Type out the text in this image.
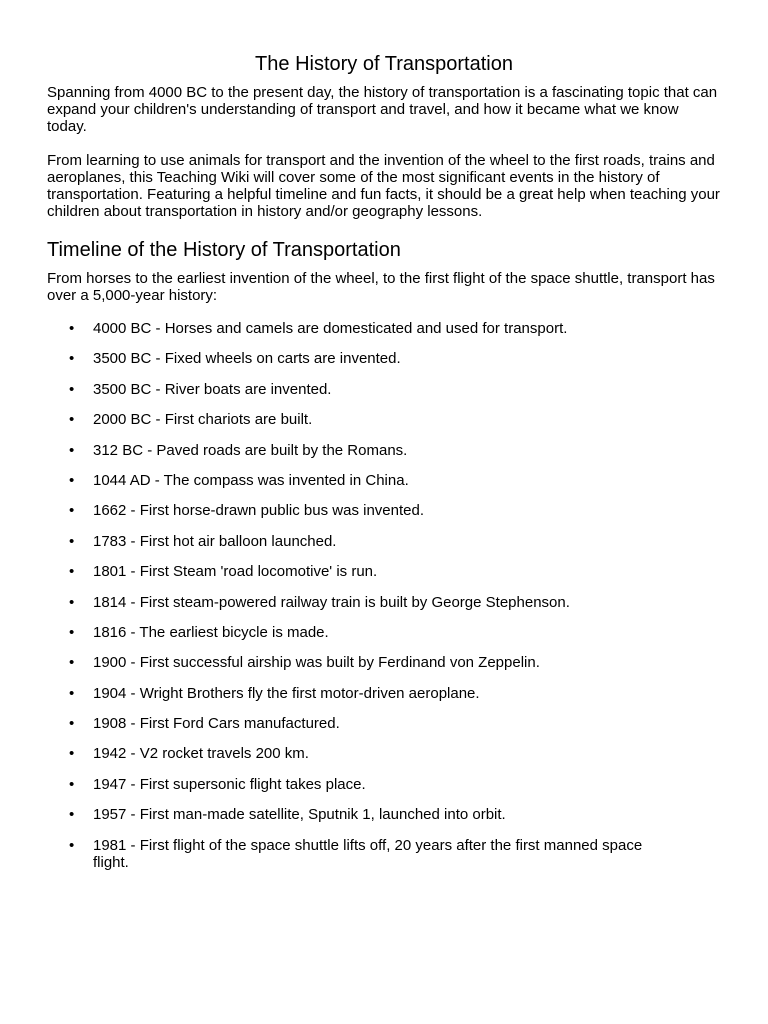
The History of Transportation

Spanning from 4000 BC to the present day, the history of transportation is a fascinating topic that can expand your children's understanding of transport and travel, and how it became what we know today.

From learning to use animals for transport and the invention of the wheel to the first roads, trains and aeroplanes, this Teaching Wiki will cover some of the most significant events in the history of transportation. Featuring a helpful timeline and fun facts, it should be a great help when teaching your children about transportation in history and/or geography lessons.

Timeline of the History of Transportation

From horses to the earliest invention of the wheel, to the first flight of the space shuttle, transport has over a 5,000-year history:

• 4000 BC - Horses and camels are domesticated and used for transport.
• 3500 BC - Fixed wheels on carts are invented.
• 3500 BC - River boats are invented.
• 2000 BC - First chariots are built.
• 312 BC - Paved roads are built by the Romans.
• 1044 AD - The compass was invented in China.
• 1662 - First horse-drawn public bus was invented.
• 1783 - First hot air balloon launched.
• 1801 - First Steam 'road locomotive' is run.
• 1814 - First steam-powered railway train is built by George Stephenson.
• 1816 - The earliest bicycle is made.
• 1900 - First successful airship was built by Ferdinand von Zeppelin.
• 1904 - Wright Brothers fly the first motor-driven aeroplane.
• 1908 - First Ford Cars manufactured.
• 1942 - V2 rocket travels 200 km.
• 1947 - First supersonic flight takes place.
• 1957 - First man-made satellite, Sputnik 1, launched into orbit.
• 1981 - First flight of the space shuttle lifts off, 20 years after the first manned space flight.
